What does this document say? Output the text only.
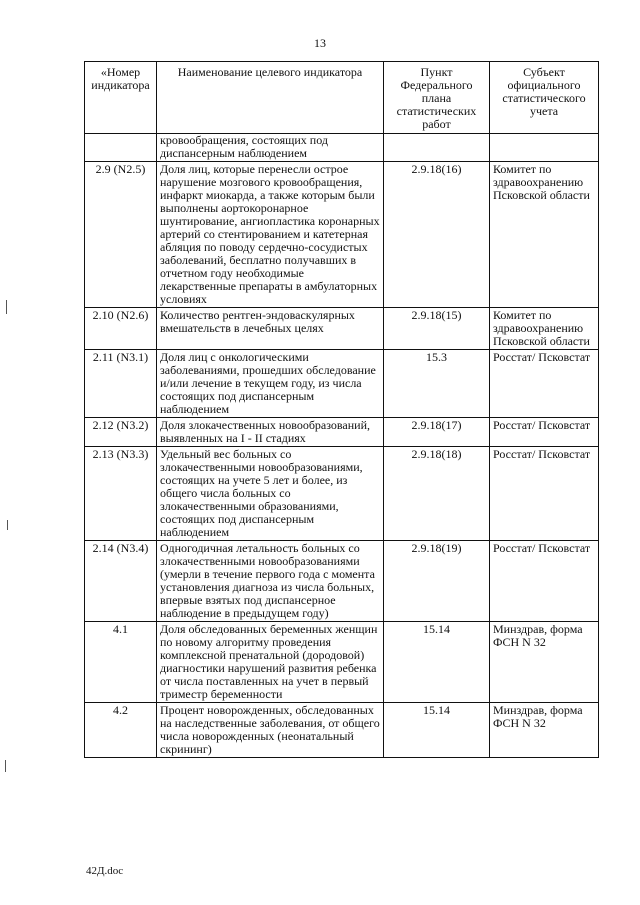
13
«Номер индикатора	Наименование целевого индикатора	Пункт Федерального плана статистических работ	Субъект официального статистического учета
	кровообращения, состоящих под диспансерным наблюдением		
2.9 (N2.5)	Доля лиц, которые перенесли острое нарушение мозгового кровообращения, инфаркт миокарда, а также которым были выполнены аортокоронарное шунтирование, ангиопластика коронарных артерий со стентированием и катетерная абляция по поводу сердечно-сосудистых заболеваний, бесплатно получавших в отчетном году необходимые лекарственные препараты в амбулаторных условиях	2.9.18(16)	Комитет по здравоохранению Псковской области
2.10 (N2.6)	Количество рентген-эндоваскулярных вмешательств в лечебных целях	2.9.18(15)	Комитет по здравоохранению Псковской области
2.11 (N3.1)	Доля лиц с онкологическими заболеваниями, прошедших обследование и/или лечение в текущем году, из числа состоящих под диспансерным наблюдением	15.3	Росстат/ Псковстат
2.12 (N3.2)	Доля злокачественных новообразований, выявленных на I - II стадиях	2.9.18(17)	Росстат/ Псковстат
2.13 (N3.3)	Удельный вес больных со злокачественными новообразованиями, состоящих на учете 5 лет и более, из общего числа больных со злокачественными образованиями, состоящих под диспансерным наблюдением	2.9.18(18)	Росстат/ Псковстат
2.14 (N3.4)	Одногодичная летальность больных со злокачественными новообразованиями (умерли в течение первого года с момента установления диагноза из числа больных, впервые взятых под диспансерное наблюдение в предыдущем году)	2.9.18(19)	Росстат/ Псковстат
4.1	Доля обследованных беременных женщин по новому алгоритму проведения комплексной пренатальной (дородовой) диагностики нарушений развития ребенка от числа поставленных на учет в первый триместр беременности	15.14	Минздрав, форма ФСН N 32
4.2	Процент новорожденных, обследованных на наследственные заболевания, от общего числа новорожденных (неонатальный скрининг)	15.14	Минздрав, форма ФСН N 32
42Д.doc
